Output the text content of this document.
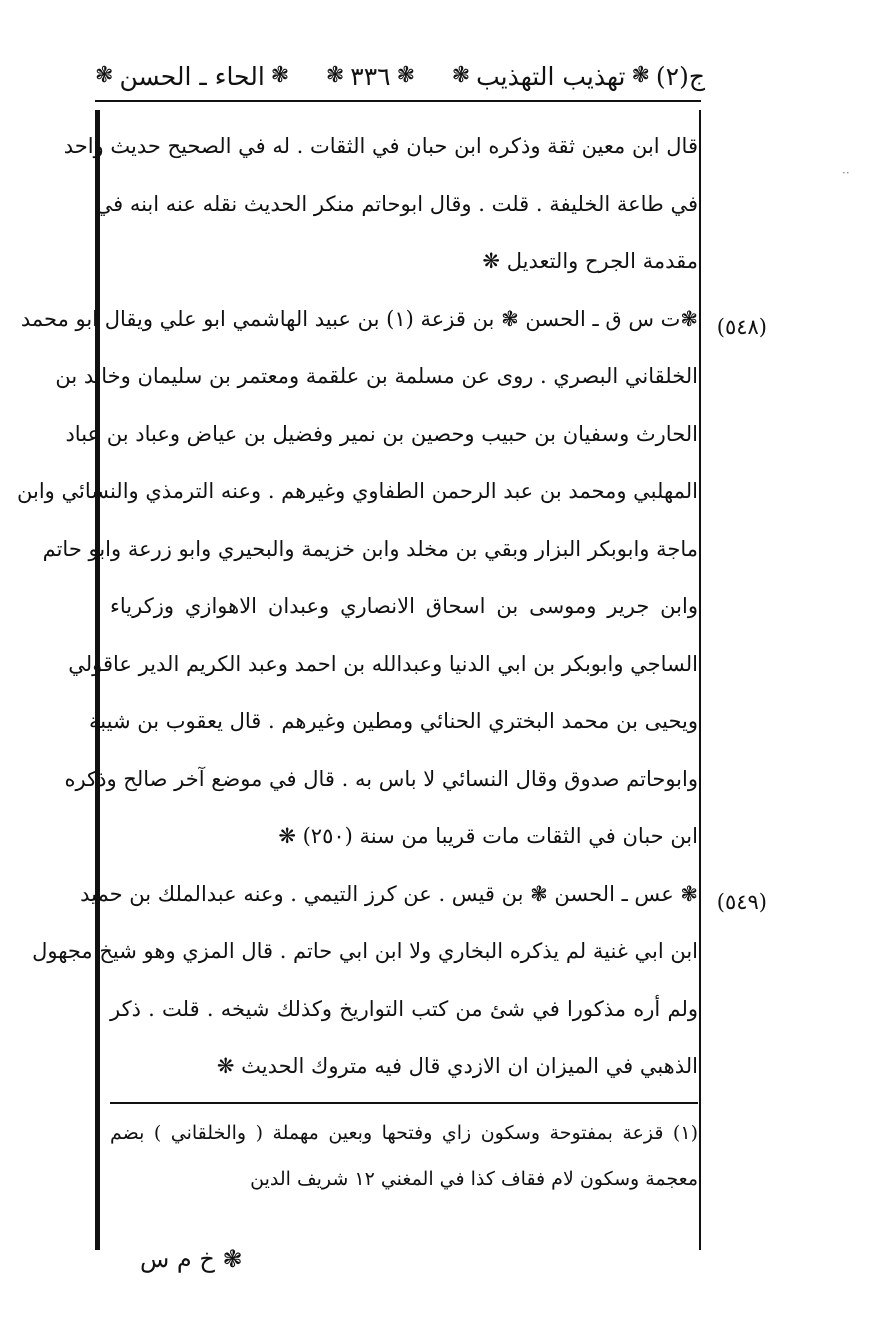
ج(٢)
❃
تهذيب التهذيب
❃
❃
٣٣٦
❃
❃
الحاء ـ الحسن
❃
قال ابن معين ثقة وذكره ابن حبان في الثقات . له في الصحيح حديث واحد
في طاعة الخليفة . قلت . وقال ابوحاتم منكر الحديث نقله عنه ابنه في
مقدمة الجرح والتعديل ❋
❃ت س ق ـ الحسن ❃ بن قزعة (١) بن عبيد الهاشمي ابو علي ويقال ابو محمد
الخلقاني البصري . روى عن مسلمة بن علقمة ومعتمر بن سليمان وخالد بن
الحارث وسفيان بن حبيب وحصين بن نمير وفضيل بن عياض وعباد بن عباد
المهلبي ومحمد بن عبد الرحمن الطفاوي وغيرهم . وعنه الترمذي والنسائي وابن
ماجة وابوبكر البزار وبقي بن مخلد وابن خزيمة والبحيري وابو زرعة وابو حاتم
وابن جرير وموسى بن اسحاق الانصاري وعبدان الاهوازي وزكرياء
الساجي وابوبكر بن ابي الدنيا وعبدالله بن احمد وعبد الكريم الدير عاقولي
ويحيى بن محمد البختري الحنائي ومطين وغيرهم . قال يعقوب بن شيبة
وابوحاتم صدوق وقال النسائي لا باس به . قال في موضع آخر صالح وذكره
ابن حبان في الثقات مات قريبا من سنة (٢٥٠) ❋
❃ عس ـ الحسن ❃ بن قيس . عن كرز التيمي . وعنه عبدالملك بن حميد
ابن ابي غنية لم يذكره البخاري ولا ابن ابي حاتم . قال المزي وهو شيخ مجهول
ولم أره مذكورا في شئ من كتب التواريخ وكذلك شيخه . قلت . ذكر
الذهبي في الميزان ان الازدي قال فيه متروك الحديث ❋
(٥٤٨)
(٥٤٩)
(١) قزعة بمفتوحة وسكون زاي وفتحها وبعين مهملة ( والخلقاني ) بضم
معجمة وسكون لام فقاف كذا في المغني ١٢ شريف الدين
❃ خ م س
··
